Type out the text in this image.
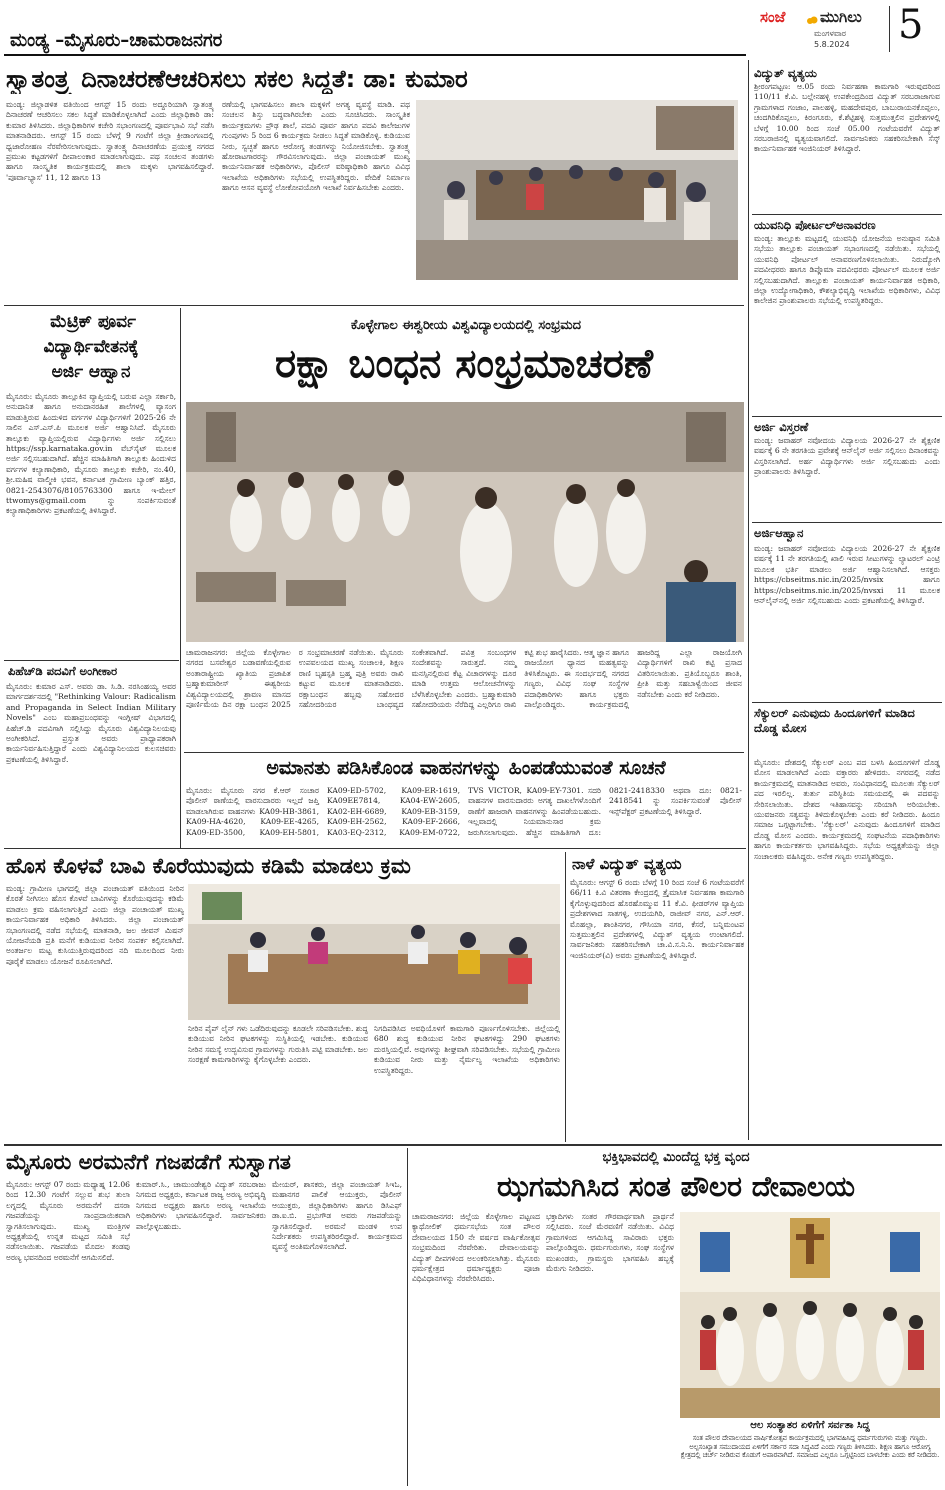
ಮಂಡ್ಯ –ಮೈಸೂರು–ಚಾಮರಾಜನಗರ
ಸಂಜೆ ಮುಗಿಲು
ಮಂಗಳವಾರ
5.8.2024 5
ಸ್ವಾತಂತ್ರ್ಯ ದಿನಾಚರಣೆಆಚರಿಸಲು ಸಕಲ ಸಿದ್ಧತೆ: ಡಾ: ಕುಮಾರ
ಮಂಡ್ಯ: ಜಿಲ್ಲಾಡಳಿತ ವತಿಯಿಂದ ಆಗಸ್ಟ್ 15 ರಂದು ಅದ್ದೂರಿಯಾಗಿ ಸ್ವಾತಂತ್ರ್ಯ ದಿನಾಚರಣೆ ಆಚರಿಸಲು ಸಕಲ ಸಿದ್ಧತೆ ಮಾಡಿಕೊಳ್ಳಲಾಗಿದೆ ಎಂದು ಜಿಲ್ಲಾಧಿಕಾರಿ ಡಾ: ಕುಮಾರ ತಿಳಿಸಿದರು. ಜಿಲ್ಲಾಧಿಕಾರಿಗಳ ಕಚೇರಿ ಸಭಾಂಗಣದಲ್ಲಿ ಪೂರ್ವಭಾವಿ ಸಭೆ ನಡೆಸಿ ಮಾತನಾಡಿದರು. ಆಗಸ್ಟ್ 15 ರಂದು ಬೆಳಗ್ಗೆ 9 ಗಂಟೆಗೆ ಜಿಲ್ಲಾ ಕ್ರೀಡಾಂಗಣದಲ್ಲಿ ಧ್ವಜಾರೋಹಣ ನೆರವೇರಿಸಲಾಗುವುದು. ಸ್ವಾತಂತ್ರ್ಯ ದಿನಾಚರಣೆಯ ಪ್ರಯುಕ್ತ ನಗರದ ಪ್ರಮುಖ ಕಟ್ಟಡಗಳಿಗೆ ದೀಪಾಲಂಕಾರ ಮಾಡಲಾಗುವುದು. ಪಥ ಸಂಚಲನ ತಂಡಗಳು ಹಾಗೂ ಸಾಂಸ್ಕೃತಿಕ ಕಾರ್ಯಕ್ರಮದಲ್ಲಿ ಶಾಲಾ ಮಕ್ಕಳು ಭಾಗವಹಿಸಲಿದ್ದಾರೆ. 'ಪೂರ್ವಾಭ್ಯಾಸ' 11, 12 ಹಾಗೂ 13
ರಣೆಯಲ್ಲಿ ಭಾಗವಹಿಸಲು ಶಾಲಾ ಮಕ್ಕಳಿಗೆ ಅಗತ್ಯ ವ್ಯವಸ್ಥೆ ಮಾಡಿ. ಪಥ ಸಂಚಲನ ಶಿಸ್ತು ಬದ್ಧವಾಗಿರಬೇಕು ಎಂದು ಸೂಚಿಸಿದರು. ಸಾಂಸ್ಕೃತಿಕ ಕಾರ್ಯಕ್ರಮಗಳು ಪ್ರೌಢ ಶಾಲೆ, ಪದವಿ ಪೂರ್ವ ಹಾಗೂ ಪದವಿ ಕಾಲೇಜುಗಳ ಗುಂಪುಗಳು 5 ರಿಂದ 6 ಕಾರ್ಯಕ್ರಮ ನೀಡಲು ಸಿದ್ಧತೆ ಮಾಡಿಕೊಳ್ಳಿ. ಕುಡಿಯುವ ನೀರು, ಸ್ವಚ್ಛತೆ ಹಾಗೂ ಆರೋಗ್ಯ ತಂಡಗಳನ್ನು ನಿಯೋಜಿಸಬೇಕು. ಸ್ವಾತಂತ್ರ್ಯ ಹೋರಾಟಗಾರರನ್ನು ಗೌರವಿಸಲಾಗುವುದು. ಜಿಲ್ಲಾ ಪಂಚಾಯತ್ ಮುಖ್ಯ ಕಾರ್ಯನಿರ್ವಾಹಕ ಅಧಿಕಾರಿಗಳು, ಪೊಲೀಸ್ ವರಿಷ್ಠಾಧಿಕಾರಿ ಹಾಗೂ ವಿವಿಧ ಇಲಾಖೆಯ ಅಧಿಕಾರಿಗಳು ಸಭೆಯಲ್ಲಿ ಉಪಸ್ಥಿತರಿದ್ದರು. ವೇದಿಕೆ ನಿರ್ಮಾಣ ಹಾಗೂ ಆಸನ ವ್ಯವಸ್ಥೆ ಲೋಕೋಪಯೋಗಿ ಇಲಾಖೆ ನಿರ್ವಹಿಸಬೇಕು ಎಂದರು.
ವಿದ್ಯುತ್ ವ್ಯತ್ಯಯ
ಶ್ರೀರಂಗಪಟ್ಟಣ: ಆ.05 ರಂದು ನಿರ್ವಹಣಾ ಕಾಮಗಾರಿ ಇರುವುದರಿಂದ 110/11 ಕೆ.ವಿ. ಬಲ್ಲೇನಹಳ್ಳಿ ಉಪಕೇಂದ್ರದಿಂದ ವಿದ್ಯುತ್ ಸರಬರಾಜಾಗುವ ಗ್ರಾಮಗಳಾದ ಗಂಜಾಂ, ಪಾಲಹಳ್ಳಿ, ಮಹದೇವಪುರ, ಬಾಬುರಾಯನಕೊಪ್ಪಲು, ಚಂದಗಿರಿಕೊಪ್ಪಲು, ಕಿರಂಗೂರು, ಕೆ.ಶೆಟ್ಟಿಹಳ್ಳಿ ಸುತ್ತಮುತ್ತಲಿನ ಪ್ರದೇಶಗಳಲ್ಲಿ ಬೆಳಗ್ಗೆ 10.00 ರಿಂದ ಸಂಜೆ 05.00 ಗಂಟೆಯವರೆಗೆ ವಿದ್ಯುತ್ ಸರಬರಾಜಿನಲ್ಲಿ ವ್ಯತ್ಯಯವಾಗಲಿದೆ. ಸಾರ್ವಜನಿಕರು ಸಹಕರಿಸಬೇಕಾಗಿ ಸೆಸ್ಕ್ ಕಾರ್ಯನಿರ್ವಾಹಕ ಇಂಜಿನಿಯರ್ ತಿಳಿಸಿದ್ದಾರೆ.
ಯುವನಿಧಿ ಪೋರ್ಟಲ್‌ಅನಾವರಣ
ಮಂಡ್ಯ: ತಾಲ್ಲೂಕು ಮಟ್ಟದಲ್ಲಿ ಯುವನಿಧಿ ಯೋಜನೆಯ ಅನುಷ್ಠಾನ ಸಮಿತಿ ಸಭೆಯು ತಾಲ್ಲೂಕು ಪಂಚಾಯತ್ ಸಭಾಂಗಣದಲ್ಲಿ ನಡೆಯಿತು. ಸಭೆಯಲ್ಲಿ ಯುವನಿಧಿ ಪೋರ್ಟಲ್ ಅನಾವರಣಗೊಳಿಸಲಾಯಿತು. ನಿರುದ್ಯೋಗಿ ಪದವೀಧರರು ಹಾಗೂ ಡಿಪ್ಲೊಮಾ ಪದವೀಧರರು ಪೋರ್ಟಲ್ ಮೂಲಕ ಅರ್ಜಿ ಸಲ್ಲಿಸಬಹುದಾಗಿದೆ. ತಾಲ್ಲೂಕು ಪಂಚಾಯತ್ ಕಾರ್ಯನಿರ್ವಾಹಕ ಅಧಿಕಾರಿ, ಜಿಲ್ಲಾ ಉದ್ಯೋಗಾಧಿಕಾರಿ, ಕೌಶಲ್ಯಾಭಿವೃದ್ಧಿ ಇಲಾಖೆಯ ಅಧಿಕಾರಿಗಳು, ವಿವಿಧ ಕಾಲೇಜಿನ ಪ್ರಾಂಶುಪಾಲರು ಸಭೆಯಲ್ಲಿ ಉಪಸ್ಥಿತರಿದ್ದರು.
ಅರ್ಜಿ ವಿಸ್ತರಣೆ
ಮಂಡ್ಯ: ಜವಾಹರ್ ನವೋದಯ ವಿದ್ಯಾಲಯ 2026-27 ನೇ ಶೈಕ್ಷಣಿಕ ವರ್ಷಕ್ಕೆ 6 ನೇ ತರಗತಿಯ ಪ್ರವೇಶಕ್ಕೆ ಆನ್‌ಲೈನ್ ಅರ್ಜಿ ಸಲ್ಲಿಸಲು ದಿನಾಂಕವನ್ನು ವಿಸ್ತರಿಸಲಾಗಿದೆ. ಅರ್ಹ ವಿದ್ಯಾರ್ಥಿಗಳು ಅರ್ಜಿ ಸಲ್ಲಿಸಬಹುದು ಎಂದು ಪ್ರಾಂಶುಪಾಲರು ತಿಳಿಸಿದ್ದಾರೆ.
ಅರ್ಜಿಆಹ್ವಾನ
ಮಂಡ್ಯ: ಜವಾಹರ್ ನವೋದಯ ವಿದ್ಯಾಲಯ 2026-27 ನೇ ಶೈಕ್ಷಣಿಕ ವರ್ಷಕ್ಕೆ 11 ನೇ ತರಗತಿಯಲ್ಲಿ ಖಾಲಿ ಇರುವ ಸೀಟುಗಳನ್ನು ಲ್ಯಾಟರಲ್ ಎಂಟ್ರಿ ಮೂಲಕ ಭರ್ತಿ ಮಾಡಲು ಅರ್ಜಿ ಆಹ್ವಾನಿಸಲಾಗಿದೆ. ಆಸಕ್ತರು https://cbseitms.nic.in/2025/nvsix ಹಾಗೂ https://cbseitms.nic.in/2025/nvsxi 11 ಮೂಲಕ ಆನ್‌ಲೈನ್‌ನಲ್ಲಿ ಅರ್ಜಿ ಸಲ್ಲಿಸಬಹುದು ಎಂದು ಪ್ರಕಟಣೆಯಲ್ಲಿ ತಿಳಿಸಿದ್ದಾರೆ.
ಸೆಕ್ಯುಲರ್ ಎನುವುದು ಹಿಂದೂಗಳಿಗೆ ಮಾಡಿದ ದೊಡ್ಡ ಮೋಸ
ಮೈಸೂರು: ದೇಶದಲ್ಲಿ ಸೆಕ್ಯುಲರ್ ಎಂಬ ಪದ ಬಳಸಿ ಹಿಂದೂಗಳಿಗೆ ದೊಡ್ಡ ಮೋಸ ಮಾಡಲಾಗಿದೆ ಎಂದು ವಕ್ತಾರರು ಹೇಳಿದರು. ನಗರದಲ್ಲಿ ನಡೆದ ಕಾರ್ಯಕ್ರಮದಲ್ಲಿ ಮಾತನಾಡಿದ ಅವರು, ಸಂವಿಧಾನದಲ್ಲಿ ಮೂಲತಃ ಸೆಕ್ಯುಲರ್ ಪದ ಇರಲಿಲ್ಲ. ತುರ್ತು ಪರಿಸ್ಥಿತಿಯ ಸಮಯದಲ್ಲಿ ಈ ಪದವನ್ನು ಸೇರಿಸಲಾಯಿತು. ದೇಶದ ಇತಿಹಾಸವನ್ನು ಸರಿಯಾಗಿ ಅರಿಯಬೇಕು. ಯುವಜನರು ಸತ್ಯವನ್ನು ತಿಳಿದುಕೊಳ್ಳಬೇಕು ಎಂದು ಕರೆ ನೀಡಿದರು. ಹಿಂದೂ ಸಮಾಜ ಒಗ್ಗಟ್ಟಾಗಬೇಕು. 'ಸೆಕ್ಯುಲರ್' ಎನುವುದು ಹಿಂದೂಗಳಿಗೆ ಮಾಡಿದ ದೊಡ್ಡ ಮೋಸ ಎಂದರು. ಕಾರ್ಯಕ್ರಮದಲ್ಲಿ ಸಂಘಟನೆಯ ಪದಾಧಿಕಾರಿಗಳು ಹಾಗೂ ಕಾರ್ಯಕರ್ತರು ಭಾಗವಹಿಸಿದ್ದರು. ಸಭೆಯ ಅಧ್ಯಕ್ಷತೆಯನ್ನು ಜಿಲ್ಲಾ ಸಂಚಾಲಕರು ವಹಿಸಿದ್ದರು. ಅನೇಕ ಗಣ್ಯರು ಉಪಸ್ಥಿತರಿದ್ದರು.
ಮೆಟ್ರಿಕ್ ಪೂರ್ವ
ವಿದ್ಯಾರ್ಥಿವೇತನಕ್ಕೆ
ಅರ್ಜಿ ಆಹ್ವಾನ
ಮೈಸೂರು: ಮೈಸೂರು ತಾಲ್ಲೂಕಿನ ವ್ಯಾಪ್ತಿಯಲ್ಲಿ ಬರುವ ಎಲ್ಲಾ ಸರ್ಕಾರಿ, ಅನುದಾನಿತ ಹಾಗೂ ಅನುದಾನರಹಿತ ಶಾಲೆಗಳಲ್ಲಿ ವ್ಯಾಸಂಗ ಮಾಡುತ್ತಿರುವ ಹಿಂದುಳಿದ ವರ್ಗಗಳ ವಿದ್ಯಾರ್ಥಿಗಳಿಗೆ 2025-26 ನೇ ಸಾಲಿನ ಎಸ್.ಎಸ್.ಪಿ ಮೂಲಕ ಅರ್ಜಿ ಆಹ್ವಾನಿಸಿದೆ. ಮೈಸೂರು ತಾಲ್ಲೂಕು ವ್ಯಾಪ್ತಿಯಲ್ಲಿರುವ ವಿದ್ಯಾರ್ಥಿಗಳು ಅರ್ಜಿ ಸಲ್ಲಿಸಲು https://ssp.karnataka.gov.in ವೆಬ್‌ಸೈಟ್ ಮೂಲಕ ಅರ್ಜಿ ಸಲ್ಲಿಸಬಹುದಾಗಿದೆ. ಹೆಚ್ಚಿನ ಮಾಹಿತಿಗಾಗಿ ತಾಲ್ಲೂಕು ಹಿಂದುಳಿದ ವರ್ಗಗಳ ಕಲ್ಯಾಣಾಧಿಕಾರಿ, ಮೈಸೂರು ತಾಲ್ಲೂಕು ಕಚೇರಿ, ನಂ.40, ಶ್ರೀ.ಮಹಿಷ ವಾಲ್ಮೀಕಿ ಭವನ, ಕರ್ನಾಟಕ ಗ್ರಾಮೀಣ ಬ್ಯಾಂಕ್ ಹತ್ತಿರ, 0821-2543076/8105763300 ಹಾಗೂ ಇ-ಮೇಲ್ ttwomys@gmail.com ನ್ನು ಸಂಪರ್ಕಿಸುವಂತೆ ಕಲ್ಯಾಣಾಧಿಕಾರಿಗಳು ಪ್ರಕಟಣೆಯಲ್ಲಿ ತಿಳಿಸಿದ್ದಾರೆ.
ಪಿಹೆಚ್‌ಡಿ ಪದವಿಗೆ ಅಂಗೀಕಾರ
ಮೈಸೂರು: ಕುಮಾರ ಎಸ್. ಅವರು ಡಾ. ಸಿ.ಡಿ. ನರಸಿಂಹಯ್ಯ ಅವರ ಮಾರ್ಗದರ್ಶನದಲ್ಲಿ "Rethinking Valour: Radicalism and Propaganda in Select Indian Military Novels" ಎಂಬ ಮಹಾಪ್ರಬಂಧವನ್ನು ಇಂಗ್ಲೀಷ್ ವಿಭಾಗದಲ್ಲಿ ಪಿಹೆಚ್.ಡಿ ಪದವಿಗಾಗಿ ಸಲ್ಲಿಸಿದ್ದು ಮೈಸೂರು ವಿಶ್ವವಿದ್ಯಾನಿಲಯವು ಅಂಗೀಕರಿಸಿದೆ. ಪ್ರಸ್ತುತ ಅವರು ಪ್ರಾಧ್ಯಾಪಕರಾಗಿ ಕಾರ್ಯನಿರ್ವಹಿಸುತ್ತಿದ್ದಾರೆ ಎಂದು ವಿಶ್ವವಿದ್ಯಾನಿಲಯದ ಕುಲಸಚಿವರು ಪ್ರಕಟಣೆಯಲ್ಲಿ ತಿಳಿಸಿದ್ದಾರೆ.
ಕೊಳ್ಳೇಗಾಲ ಈಶ್ವರೀಯ ವಿಶ್ವವಿದ್ಯಾಲಯದಲ್ಲಿ ಸಂಭ್ರಮದ
ರಕ್ಷಾ ಬಂಧನ ಸಂಭ್ರಮಾಚರಣೆ
ಚಾಮರಾಜನಗರ: ಜಿಲ್ಲೆಯ ಕೊಳ್ಳೇಗಾಲ ನಗರದ ಬಸವೇಶ್ವರ ಬಡಾವಣೆಯಲ್ಲಿರುವ ಅಂತಾರಾಷ್ಟ್ರೀಯ ಖ್ಯಾತಿಯ ಪ್ರಜಾಪಿತ ಬ್ರಹ್ಮಾಕುಮಾರೀಸ್ ಈಶ್ವರೀಯ ವಿಶ್ವವಿದ್ಯಾಲಯದಲ್ಲಿ ಶ್ರಾವಣ ಮಾಸದ ಪೂರ್ಣಿಮೆಯ ದಿನ ರಕ್ಷಾ ಬಂಧನ 2025 ರ ಸಂಭ್ರಮಾಚರಣೆ ನಡೆಯಿತು. ಮೈಸೂರು ಉಪವಲಯದ ಮುಖ್ಯ ಸಂಚಾಲಕಿ, ಶಿಕ್ಷಣ ರಾಣಿ ಬೃಹಸ್ಪತಿ ಬ್ರಹ್ಮ ಪುತ್ರಿ ಅವರು ರಾಖಿ ಕಟ್ಟುವ ಮೂಲಕ ಮಾತನಾಡಿದರು. ರಕ್ಷಾಬಂಧನ ಹಬ್ಬವು ಸಹೋದರ ಸಹೋದರಿಯರ ಬಾಂಧವ್ಯದ ಸಂಕೇತವಾಗಿದೆ. ಪವಿತ್ರ ಸಂಬಂಧಗಳ ಸಂದೇಶವನ್ನು ಸಾರುತ್ತದೆ. ನಮ್ಮ ಮನಸ್ಸಿನಲ್ಲಿರುವ ಕೆಟ್ಟ ವಿಚಾರಗಳನ್ನು ದೂರ ಮಾಡಿ ಉತ್ತಮ ಆಲೋಚನೆಗಳನ್ನು ಬೆಳೆಸಿಕೊಳ್ಳಬೇಕು ಎಂದರು. ಬ್ರಹ್ಮಾಕುಮಾರಿ ಸಹೋದರಿಯರು ನೆರೆದಿದ್ದ ಎಲ್ಲರಿಗೂ ರಾಖಿ ಕಟ್ಟಿ ಶುಭ ಹಾರೈಸಿದರು. ಆತ್ಮ ಜ್ಞಾನ ಹಾಗೂ ರಾಜಯೋಗ ಧ್ಯಾನದ ಮಹತ್ವವನ್ನು ತಿಳಿಸಿಕೊಟ್ಟರು. ಈ ಸಂದರ್ಭದಲ್ಲಿ ನಗರದ ಗಣ್ಯರು, ವಿವಿಧ ಸಂಘ ಸಂಸ್ಥೆಗಳ ಪದಾಧಿಕಾರಿಗಳು ಹಾಗೂ ಭಕ್ತರು ಪಾಲ್ಗೊಂಡಿದ್ದರು. ಕಾರ್ಯಕ್ರಮದಲ್ಲಿ ಹಾಜರಿದ್ದ ಎಲ್ಲಾ ರಾಜಯೋಗಿ ವಿದ್ಯಾರ್ಥಿಗಳಿಗೆ ರಾಖಿ ಕಟ್ಟಿ ಪ್ರಸಾದ ವಿತರಿಸಲಾಯಿತು. ಪ್ರತಿಯೊಬ್ಬರೂ ಶಾಂತಿ, ಪ್ರೀತಿ ಮತ್ತು ಸಹಬಾಳ್ವೆಯಿಂದ ಜೀವನ ನಡೆಸಬೇಕು ಎಂದು ಕರೆ ನೀಡಿದರು.
ಅಮಾನತು ಪಡಿಸಿಕೊಂಡ ವಾಹನಗಳನ್ನು ಹಿಂಪಡೆಯುವಂತೆ ಸೂಚನೆ
ಮೈಸೂರು: ಮೈಸೂರು ನಗರ ಕೆ.ಆರ್ ಸಂಚಾರ ಪೊಲೀಸ್ ಠಾಣೆಯಲ್ಲಿ ವಾರಸುದಾರರು ಇಲ್ಲದೆ ಜಪ್ತಿ ಮಾಡಲಾಗಿರುವ ವಾಹನಗಳು KA09-HB-3861, KA09-HA-4620, KA09-EE-4265, KA09-ED-3500, KA09-EH-5801, KA09-ED-5702, KA09-ER-1619, KA09EE7814, KA04-EW-2605, KA02-EH-6689, KA09-EB-3159, KA09-EH-2562, KA09-EF-2666, KA03-EQ-2312, KA09-EM-0722, TVS VICTOR, KA09-EY-7301. ಸದರಿ ವಾಹನಗಳ ವಾರಸುದಾರರು ಅಗತ್ಯ ದಾಖಲೆಗಳೊಂದಿಗೆ ಠಾಣೆಗೆ ಹಾಜರಾಗಿ ವಾಹನಗಳನ್ನು ಹಿಂಪಡೆಯಬಹುದು. ಇಲ್ಲವಾದಲ್ಲಿ ನಿಯಮಾನುಸಾರ ಕ್ರಮ ಜರುಗಿಸಲಾಗುವುದು. ಹೆಚ್ಚಿನ ಮಾಹಿತಿಗಾಗಿ ದೂ: 0821-2418330 ಅಥವಾ ದೂ: 0821-2418541 ನ್ನು ಸಂಪರ್ಕಿಸುವಂತೆ ಪೊಲೀಸ್ ಇನ್ಸ್‌ಪೆಕ್ಟರ್ ಪ್ರಕಟಣೆಯಲ್ಲಿ ತಿಳಿಸಿದ್ದಾರೆ.
ಹೊಸ ಕೊಳವೆ ಬಾವಿ ಕೊರೆಯುವುದು ಕಡಿಮೆ ಮಾಡಲು ಕ್ರಮ
ಮಂಡ್ಯ: ಗ್ರಾಮೀಣ ಭಾಗದಲ್ಲಿ ಜಿಲ್ಲಾ ಪಂಚಾಯತ್ ವತಿಯಿಂದ ನೀರಿನ ಕೊರತೆ ನೀಗಿಸಲು ಹೊಸ ಕೊಳವೆ ಬಾವಿಗಳನ್ನು ಕೊರೆಯುವುದನ್ನು ಕಡಿಮೆ ಮಾಡಲು ಕ್ರಮ ವಹಿಸಲಾಗುತ್ತಿದೆ ಎಂದು ಜಿಲ್ಲಾ ಪಂಚಾಯತ್ ಮುಖ್ಯ ಕಾರ್ಯನಿರ್ವಾಹಕ ಅಧಿಕಾರಿ ತಿಳಿಸಿದರು. ಜಿಲ್ಲಾ ಪಂಚಾಯತ್ ಸಭಾಂಗಣದಲ್ಲಿ ನಡೆದ ಸಭೆಯಲ್ಲಿ ಮಾತನಾಡಿ, ಜಲ ಜೀವನ್ ಮಿಷನ್ ಯೋಜನೆಯಡಿ ಪ್ರತಿ ಮನೆಗೆ ಕುಡಿಯುವ ನೀರಿನ ಸಂಪರ್ಕ ಕಲ್ಪಿಸಲಾಗಿದೆ. ಅಂತರ್ಜಲ ಮಟ್ಟ ಕುಸಿಯುತ್ತಿರುವುದರಿಂದ ನದಿ ಮೂಲದಿಂದ ನೀರು ಪೂರೈಕೆ ಮಾಡಲು ಯೋಜನೆ ರೂಪಿಸಲಾಗಿದೆ.
ನೀರಿನ ಪೈಪ್ ಲೈನ್ ಗಳು ಒಡೆದಿರುವುದನ್ನು ಕೂಡಲೇ ಸರಿಪಡಿಸಬೇಕು. ಶುದ್ಧ ಕುಡಿಯುವ ನೀರಿನ ಘಟಕಗಳನ್ನು ಸುಸ್ಥಿತಿಯಲ್ಲಿ ಇಡಬೇಕು. ಕುಡಿಯುವ ನೀರಿನ ಸಮಸ್ಯೆ ಉದ್ಭವಿಸುವ ಗ್ರಾಮಗಳನ್ನು ಗುರುತಿಸಿ ಪಟ್ಟಿ ಮಾಡಬೇಕು. ಜಲ ಸಂರಕ್ಷಣೆ ಕಾಮಗಾರಿಗಳನ್ನು ಕೈಗೊಳ್ಳಬೇಕು ಎಂದರು.
ನಿಗದಿಪಡಿಸಿದ ಅವಧಿಯೊಳಗೆ ಕಾಮಗಾರಿ ಪೂರ್ಣಗೊಳಿಸಬೇಕು. ಜಿಲ್ಲೆಯಲ್ಲಿ 680 ಶುದ್ಧ ಕುಡಿಯುವ ನೀರಿನ ಘಟಕಗಳಿದ್ದು 290 ಘಟಕಗಳು ದುರಸ್ತಿಯಲ್ಲಿವೆ. ಅವುಗಳನ್ನು ಶೀಘ್ರವಾಗಿ ಸರಿಪಡಿಸಬೇಕು. ಸಭೆಯಲ್ಲಿ ಗ್ರಾಮೀಣ ಕುಡಿಯುವ ನೀರು ಮತ್ತು ನೈರ್ಮಲ್ಯ ಇಲಾಖೆಯ ಅಧಿಕಾರಿಗಳು ಉಪಸ್ಥಿತರಿದ್ದರು.
ನಾಳೆ ವಿದ್ಯುತ್ ವ್ಯತ್ಯಯ
ಮೈಸೂರು: ಆಗಸ್ಟ್ 6 ರಂದು ಬೆಳಗ್ಗೆ 10 ರಿಂದ ಸಂಜೆ 6 ಗಂಟೆಯವರೆಗೆ 66/11 ಕಿ.ವಿ ವಿತರಣಾ ಕೇಂದ್ರದಲ್ಲಿ ತ್ರೈಮಾಸಿಕ ನಿರ್ವಹಣಾ ಕಾಮಗಾರಿ ಕೈಗೊಳ್ಳುವುದರಿಂದ ಹೊರಹೊಮ್ಮುವ 11 ಕೆ.ವಿ. ಫೀಡರ್‌ಗಳ ವ್ಯಾಪ್ತಿಯ ಪ್ರದೇಶಗಳಾದ ಸಾತಗಳ್ಳಿ, ಉದಯಗಿರಿ, ರಾಜೀವ್ ನಗರ, ಎನ್.ಆರ್. ಮೊಹಲ್ಲಾ, ಶಾಂತಿನಗರ, ಗೌಸಿಯಾ ನಗರ, ಕೆಸರೆ, ಬನ್ನಿಮಂಟಪ ಸುತ್ತಮುತ್ತಲಿನ ಪ್ರದೇಶಗಳಲ್ಲಿ ವಿದ್ಯುತ್ ವ್ಯತ್ಯಯ ಉಂಟಾಗಲಿದೆ. ಸಾರ್ವಜನಿಕರು ಸಹಕರಿಸಬೇಕಾಗಿ ಚಾ.ವಿ.ಸ.ನಿ.ನಿ. ಕಾರ್ಯನಿರ್ವಾಹಕ ಇಂಜಿನಿಯರ್(ವಿ) ಅವರು ಪ್ರಕಟಣೆಯಲ್ಲಿ ತಿಳಿಸಿದ್ದಾರೆ.
ಮೈಸೂರು ಅರಮನೆಗೆ ಗಜಪಡೆಗೆ ಸುಸ್ವಾಗತ
ಮೈಸೂರು: ಆಗಸ್ಟ್ 07 ರಂದು ಮಧ್ಯಾಹ್ನ 12.06 ರಿಂದ 12.30 ಗಂಟೆಗೆ ಸಲ್ಲುವ ಶುಭ ತುಲಾ ಲಗ್ನದಲ್ಲಿ ಮೈಸೂರು ಅರಮನೆಗೆ ದಸರಾ ಗಜಪಡೆಯನ್ನು ಸಾಂಪ್ರದಾಯಿಕವಾಗಿ ಸ್ವಾಗತಿಸಲಾಗುವುದು. ಮುಖ್ಯ ಮಂತ್ರಿಗಳ ಅಧ್ಯಕ್ಷತೆಯಲ್ಲಿ ಉನ್ನತ ಮಟ್ಟದ ಸಮಿತಿ ಸಭೆ ನಡೆಸಲಾಯಿತು. ಗಜಪಡೆಯ ಮೊದಲ ತಂಡವು ಅರಣ್ಯ ಭವನದಿಂದ ಅರಮನೆಗೆ ಆಗಮಿಸಲಿದೆ.
ಕುಮಾರ್.ಸಿ., ಚಾಮುಂಡೇಶ್ವರಿ ವಿದ್ಯುತ್ ಸರಬರಾಜು ನಿಗಮದ ಅಧ್ಯಕ್ಷರು, ಕರ್ನಾಟಕ ರಾಜ್ಯ ಅರಣ್ಯ ಅಭಿವೃದ್ಧಿ ನಿಗಮದ ಅಧ್ಯಕ್ಷರು ಹಾಗೂ ಅರಣ್ಯ ಇಲಾಖೆಯ ಅಧಿಕಾರಿಗಳು ಭಾಗವಹಿಸಲಿದ್ದಾರೆ. ಸಾರ್ವಜನಿಕರು ಪಾಲ್ಗೊಳ್ಳಬಹುದು.
ಮೇಯರ್, ಶಾಸಕರು, ಜಿಲ್ಲಾ ಪಂಚಾಯತ್ ಸಿಇಓ, ಮಹಾನಗರ ಪಾಲಿಕೆ ಆಯುಕ್ತರು, ಪೊಲೀಸ್ ಆಯುಕ್ತರು, ಜಿಲ್ಲಾಧಿಕಾರಿಗಳು ಹಾಗೂ ಡಿಸಿಎಫ್ ಡಾ.ಐ.ಬಿ. ಪ್ರಭುಗೌಡ ಅವರು ಗಜಪಡೆಯನ್ನು ಸ್ವಾಗತಿಸಲಿದ್ದಾರೆ. ಅರಮನೆ ಮಂಡಳಿ ಉಪ ನಿರ್ದೇಶಕರು ಉಪಸ್ಥಿತರಿರಲಿದ್ದಾರೆ. ಕಾರ್ಯಕ್ರಮದ ವ್ಯವಸ್ಥೆ ಅಂತಿಮಗೊಳಿಸಲಾಗಿದೆ.
ಭಕ್ತಿಭಾವದಲ್ಲಿ ಮಿಂದೆದ್ದ ಭಕ್ತ ವೃಂದ
ಝಗಮಗಿಸಿದ ಸಂತ ಪೌಲರ ದೇವಾಲಯ
ಚಾಮರಾಜನಗರ: ಜಿಲ್ಲೆಯ ಕೊಳ್ಳೇಗಾಲ ಪಟ್ಟಣದ ಕ್ಯಾಥೋಲಿಕ್ ಧರ್ಮಸಭೆಯ ಸಂತ ಪೌಲರ ದೇವಾಲಯದ 150 ನೇ ವರ್ಷದ ವಾರ್ಷಿಕೋತ್ಸವ ಸಂಭ್ರಮದಿಂದ ನೆರವೇರಿತು. ದೇವಾಲಯವನ್ನು ವಿದ್ಯುತ್ ದೀಪಗಳಿಂದ ಅಲಂಕರಿಸಲಾಗಿತ್ತು. ಮೈಸೂರು ಧರ್ಮಕ್ಷೇತ್ರದ ಧರ್ಮಾಧ್ಯಕ್ಷರು ಪೂಜಾ ವಿಧಿವಿಧಾನಗಳನ್ನು ನೆರವೇರಿಸಿದರು.
ಭಕ್ತಾದಿಗಳು ಸಂತರ ಗೌರವಾರ್ಥವಾಗಿ ಪ್ರಾರ್ಥನೆ ಸಲ್ಲಿಸಿದರು. ಸಂಜೆ ಮೆರವಣಿಗೆ ನಡೆಯಿತು. ವಿವಿಧ ಗ್ರಾಮಗಳಿಂದ ಆಗಮಿಸಿದ್ದ ಸಾವಿರಾರು ಭಕ್ತರು ಪಾಲ್ಗೊಂಡಿದ್ದರು. ಧರ್ಮಗುರುಗಳು, ಸಂಘ ಸಂಸ್ಥೆಗಳ ಮುಖಂಡರು, ಗ್ರಾಮಸ್ಥರು ಭಾಗವಹಿಸಿ ಹಬ್ಬಕ್ಕೆ ಮೆರುಗು ನೀಡಿದರು.
ಆಲ ಸಂತ್ಯಾತರ ಏಳಿಗೆಗೆ ಸರ್ವತಾ ಸಿದ್ದ
ಸಂತ ಪೌಲರ ದೇವಾಲಯದ ವಾರ್ಷಿಕೋತ್ಸವ ಕಾರ್ಯಕ್ರಮದಲ್ಲಿ ಭಾಗವಹಿಸಿದ್ದ ಧರ್ಮಗುರುಗಳು ಮತ್ತು ಗಣ್ಯರು. ಅಲ್ಪಸಂಖ್ಯಾತ ಸಮುದಾಯದ ಏಳಿಗೆಗೆ ಸರ್ಕಾರ ಸದಾ ಸಿದ್ಧವಿದೆ ಎಂದು ಗಣ್ಯರು ತಿಳಿಸಿದರು. ಶಿಕ್ಷಣ ಹಾಗೂ ಆರೋಗ್ಯ ಕ್ಷೇತ್ರದಲ್ಲಿ ಚರ್ಚ್ ನೀಡಿರುವ ಕೊಡುಗೆ ಅಪಾರವಾಗಿದೆ. ಸಮಾಜದ ಎಲ್ಲರೂ ಒಗ್ಗಟ್ಟಿನಿಂದ ಬಾಳಬೇಕು ಎಂದು ಕರೆ ನೀಡಿದರು.
